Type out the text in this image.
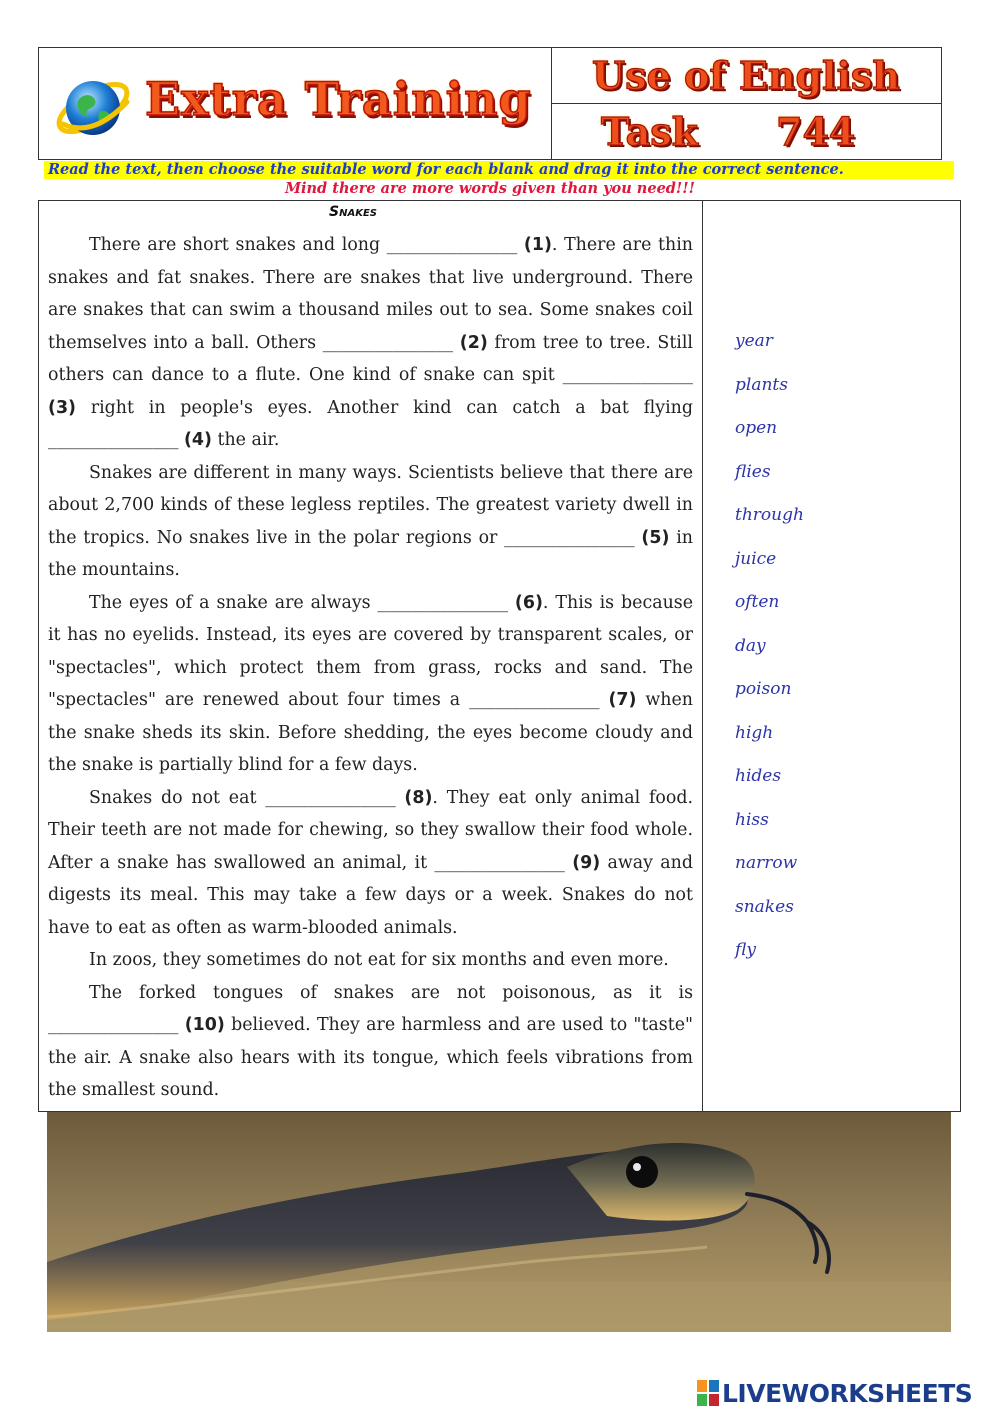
Extra Training	Use of English
Task 744
Read the text, then choose the suitable word for each blank and drag it into the correct sentence.
Mind there are more words given than you need!!!
Snakes

There are short snakes and long _______________ (1). There are thin snakes and fat snakes. There are snakes that live underground. There are snakes that can swim a thousand miles out to sea. Some snakes coil themselves into a ball. Others _______________ (2) from tree to tree. Still others can dance to a flute. One kind of snake can spit _______________ (3) right in people's eyes. Another kind can catch a bat flying _______________ (4) the air.

Snakes are different in many ways. Scientists believe that there are about 2,700 kinds of these legless reptiles. The greatest variety dwell in the tropics. No snakes live in the polar regions or _______________ (5) in the mountains.

The eyes of a snake are always _______________ (6). This is because it has no eyelids. Instead, its eyes are covered by transparent scales, or "spectacles", which protect them from grass, rocks and sand. The "spectacles" are renewed about four times a _______________ (7) when the snake sheds its skin. Before shedding, the eyes become cloudy and the snake is partially blind for a few days.

Snakes do not eat _______________ (8). They eat only animal food. Their teeth are not made for chewing, so they swallow their food whole. After a snake has swallowed an animal, it _______________ (9) away and digests its meal. This may take a few days or a week. Snakes do not have to eat as often as warm-blooded animals.

In zoos, they sometimes do not eat for six months and even more.

The forked tongues of snakes are not poisonous, as it is _______________ (10) believed. They are harmless and are used to "taste" the air. A snake also hears with its tongue, which feels vibrations from the smallest sound.

year
plants
open
flies
through
juice
often
day
poison
high
hides
hiss
narrow
snakes
fly
LIVEWORKSHEETS
